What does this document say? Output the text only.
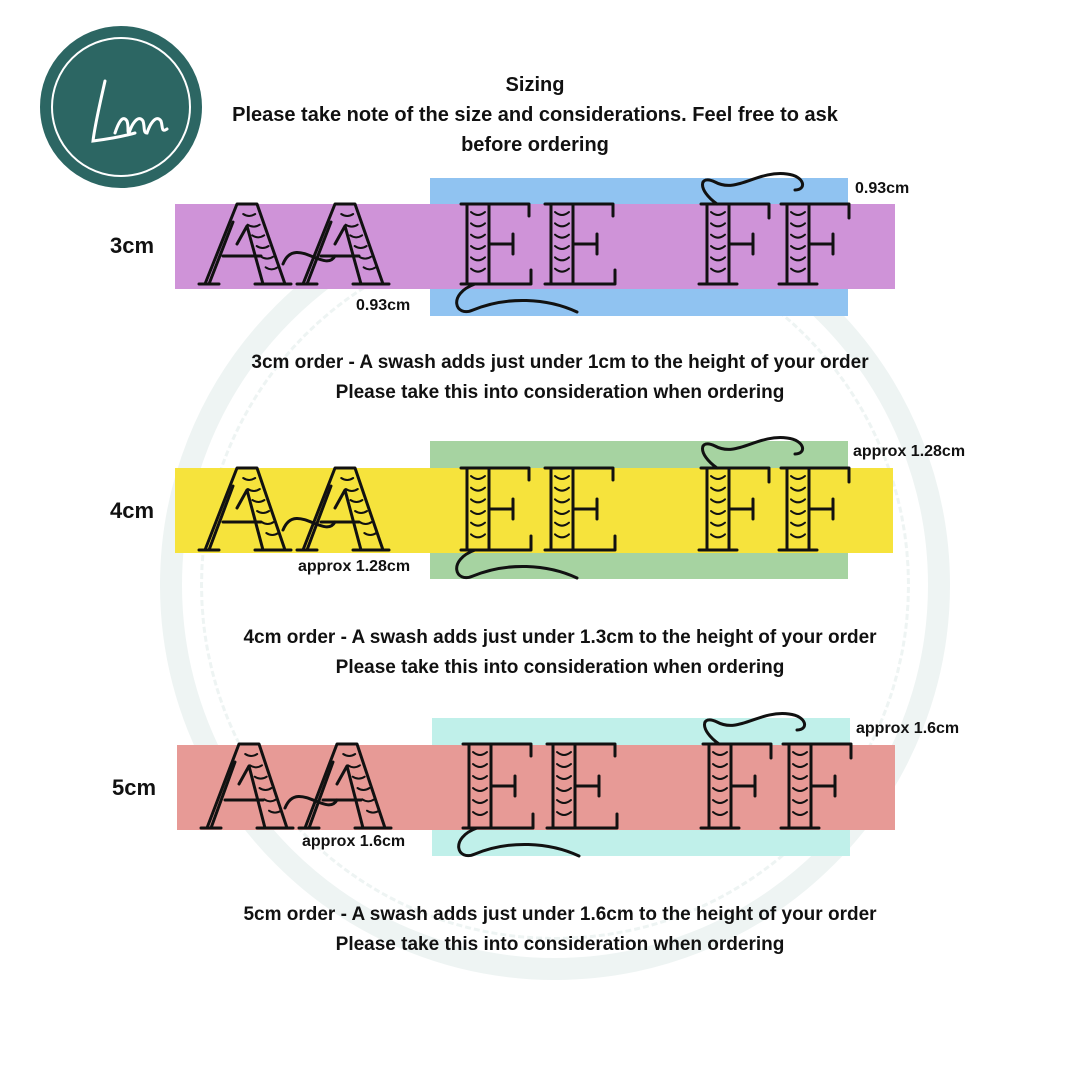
Sizing
Please take note of the size and considerations. Feel free to ask
before ordering
3cm
0.93cm
0.93cm
3cm order - A swash adds just under 1cm to the height of your order
Please take this into consideration when ordering
4cm
approx 1.28cm
approx 1.28cm
4cm order - A swash adds just under 1.3cm to the height of your order
Please take this into consideration when ordering
5cm
approx 1.6cm
approx 1.6cm
5cm order - A swash adds just under 1.6cm to the height of your order
Please take this into consideration when ordering
